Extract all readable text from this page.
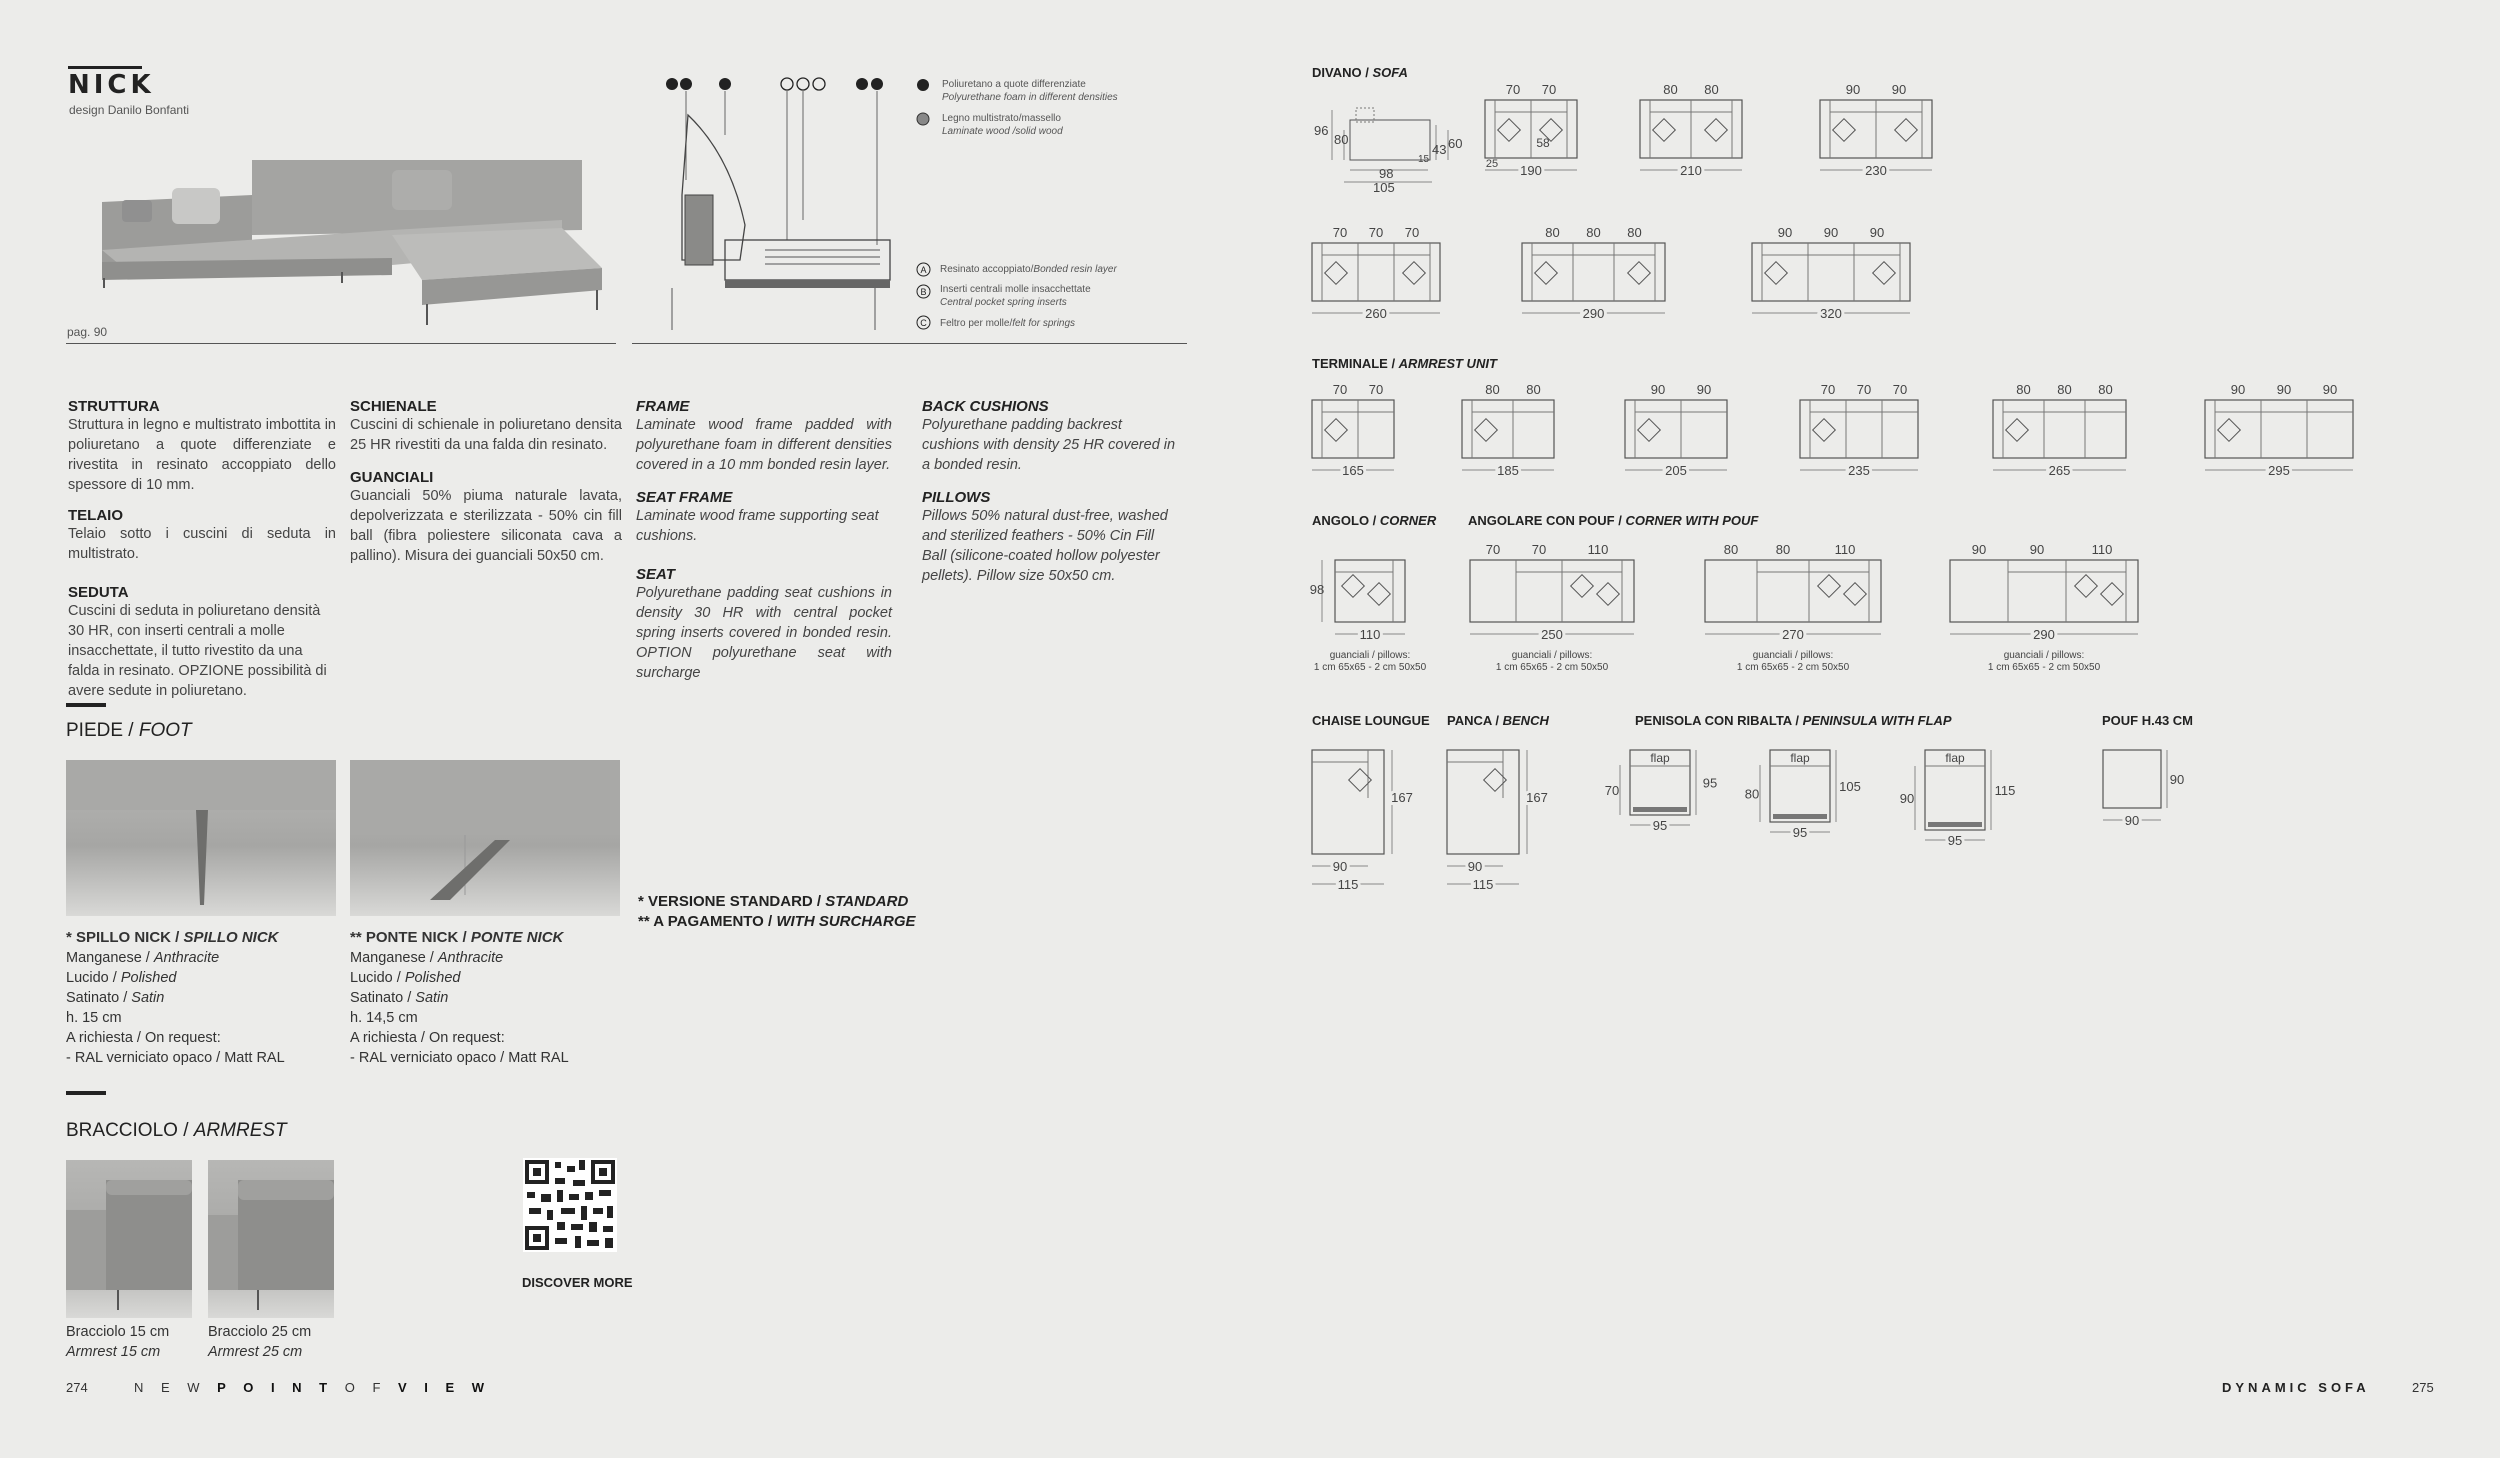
NICK
design Danilo Bonfanti
pag. 90
Poliuretano a quote differenziate
Polyurethane foam in different densities
Legno multistrato/massello
Laminate wood /solid wood
A Resinato accoppiato/Bonded resin layer
B Inserti centrali molle insacchettate
Central pocket spring inserts
C Feltro per molle/felt for springs
STRUTTURA
Struttura in legno e multistrato imbottita in poliuretano a quote differenziate e rivestita in resinato accoppiato dello spessore di 10 mm.
TELAIO
Telaio sotto i cuscini di seduta in multistrato.
SEDUTA
Cuscini di seduta in poliuretano densità 30 HR, con inserti centrali a molle insacchettate, il tutto rivestito da una falda in resinato. OPZIONE possibilità di avere sedute in poliuretano.
SCHIENALE
Cuscini di schienale in poliuretano densita 25 HR rivestiti da una falda din resinato.
GUANCIALI
Guanciali 50% piuma naturale lavata, depolverizzata e sterilizzata - 50% cin fill ball (fibra poliestere siliconata cava a pallino). Misura dei guanciali 50x50 cm.
FRAME
Laminate wood frame padded with polyurethane foam in different densities covered in a 10 mm bonded resin layer.
SEAT FRAME
Laminate wood frame supporting seat cushions.
SEAT
Polyurethane padding seat cushions in density 30 HR with central pocket spring inserts covered in bonded resin. OPTION polyurethane seat with surcharge
BACK CUSHIONS
Polyurethane padding backrest cushions with density 25 HR covered in a bonded resin.
PILLOWS
Pillows 50% natural dust-free, washed and sterilized feathers - 50% Cin Fill Ball (silicone-coated hollow polyester pellets). Pillow size 50x50 cm.
PIEDE / FOOT
* SPILLO NICK / SPILLO NICK
Manganese / Anthracite
Lucido / Polished
Satinato / Satin
h. 15 cm
A richiesta / On request:
- RAL verniciato opaco / Matt RAL
** PONTE NICK / PONTE NICK
Manganese / Anthracite
Lucido / Polished
Satinato / Satin
h. 14,5 cm
A richiesta / On request:
- RAL verniciato opaco / Matt RAL
* VERSIONE STANDARD / STANDARD
** A PAGAMENTO / WITH SURCHARGE
BRACCIOLO / ARMREST
Bracciolo 15 cm
Armrest 15 cm
Bracciolo 25 cm
Armrest 25 cm
DISCOVER MORE
274	N E W P O I N T O F V I E W	DYNAMIC SOFA	275
DIVANO / SOFA
96
80
98
105
43 60
15
70 70
190
80 80
210
90 90
230
25
58
70 70 70
260
80 80 80
290
90 90 90
320
70 70
165
80 80
185
90 90
205
70 70 70
235
80 80 80
265
90 90 90
295
98
110
guanciali / pillows:
1 cm 65x65 - 2 cm 50x50
70 70	110
250
guanciali / pillows:
1 cm 65x65 - 2 cm 50x50
80	80	110
270
guanciali / pillows:
1 cm 65x65 - 2 cm 50x50
90	90	110
290
guanciali / pillows:
1 cm 65x65 - 2 cm 50x50
167
90
115
167
90
115
flap
70	95
95
flap
80	105
95
flap
90
115
95
90
90
TERMINALE / ARMREST UNIT
ANGOLO / CORNER ANGOLARE CON POUF / CORNER WITH POUF
CHAISE LOUNGUE PANCA / BENCH	PENISOLA CON RIBALTA / PENINSULA WITH FLAP	POUF H.43 CM
